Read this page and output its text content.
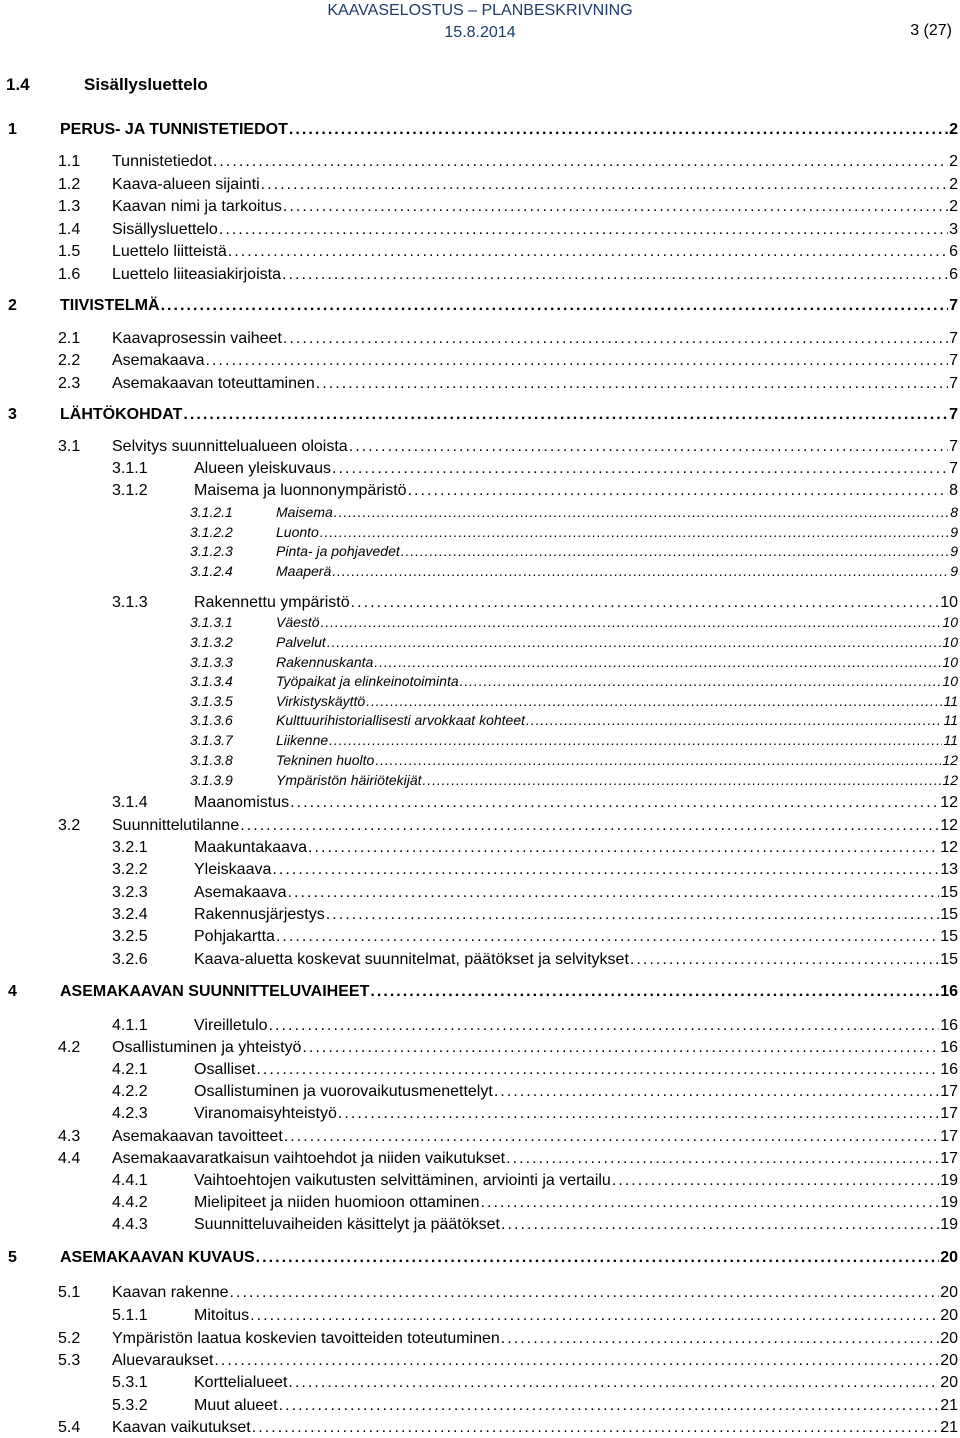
KAAVASELOSTUS – PLANBESKRIVNING
15.8.2014	3 (27)
1.4	Sisällysluettelo
1	PERUS- JA TUNNISTETIEDOT . . .	2
1.1	Tunnistetiedot . . .	2
1.2	Kaava-alueen sijainti . . .	2
1.3	Kaavan nimi ja tarkoitus . . .	2
1.4	Sisällysluettelo . . .	3
1.5	Luettelo liitteistä . . .	6
1.6	Luettelo liiteasiakirjoista . . .	6
2	TIIVISTELMÄ . . .	7
2.1	Kaavaprosessin vaiheet . . .	7
2.2	Asemakaava . . .	7
2.3	Asemakaavan toteuttaminen . . .	7
3	LÄHTÖKOHDAT . . .	7
3.1	Selvitys suunnittelualueen oloista . . .	7
3.1.1	Alueen yleiskuvaus . . .	7
3.1.2	Maisema ja luonnonympäristö . . .	8
3.1.2.1	Maisema . . .	8
3.1.2.2	Luonto . . .	9
3.1.2.3	Pinta- ja pohjavedet . . .	9
3.1.2.4	Maaperä . . .	9
3.1.3	Rakennettu ympäristö . . .	10
3.1.3.1	Väestö . . .	10
3.1.3.2	Palvelut . . .	10
3.1.3.3	Rakennuskanta . . .	10
3.1.3.4	Työpaikat ja elinkeinotoiminta . . .	10
3.1.3.5	Virkistyskäyttö . . .	11
3.1.3.6	Kulttuurihistoriallisesti arvokkaat kohteet . . .	11
3.1.3.7	Liikenne . . .	11
3.1.3.8	Tekninen huolto . . .	12
3.1.3.9	Ympäristön häiriötekijät . . .	12
3.1.4	Maanomistus . . .	12
3.2	Suunnittelutilanne . . .	12
3.2.1	Maakuntakaava . . .	12
3.2.2	Yleiskaava . . .	13
3.2.3	Asemakaava . . .	15
3.2.4	Rakennusjärjestys . . .	15
3.2.5	Pohjakartta . . .	15
3.2.6	Kaava-aluetta koskevat suunnitelmat, päätökset ja selvitykset . . .	15
4	ASEMAKAAVAN SUUNNITTELUVAIHEET . . .	16
4.1.1	Vireilletulo . . .	16
4.2	Osallistuminen ja yhteistyö . . .	16
4.2.1	Osalliset . . .	16
4.2.2	Osallistuminen ja vuorovaikutusmenettelyt . . .	17
4.2.3	Viranomaisyhteistyö . . .	17
4.3	Asemakaavan tavoitteet . . .	17
4.4	Asemakaavaratkaisun vaihtoehdot ja niiden vaikutukset . . .	17
4.4.1	Vaihtoehtojen vaikutusten selvittäminen, arviointi ja vertailu . . .	19
4.4.2	Mielipiteet ja niiden huomioon ottaminen . . .	19
4.4.3	Suunnitteluvaiheiden käsittelyt ja päätökset . . .	19
5	ASEMAKAAVAN KUVAUS . . .	20
5.1	Kaavan rakenne . . .	20
5.1.1	Mitoitus . . .	20
5.2	Ympäristön laatua koskevien tavoitteiden toteutuminen . . .	20
5.3	Aluevaraukset . . .	20
5.3.1	Korttelialueet . . .	20
5.3.2	Muut alueet . . .	21
5.4	Kaavan vaikutukset . . .	21
